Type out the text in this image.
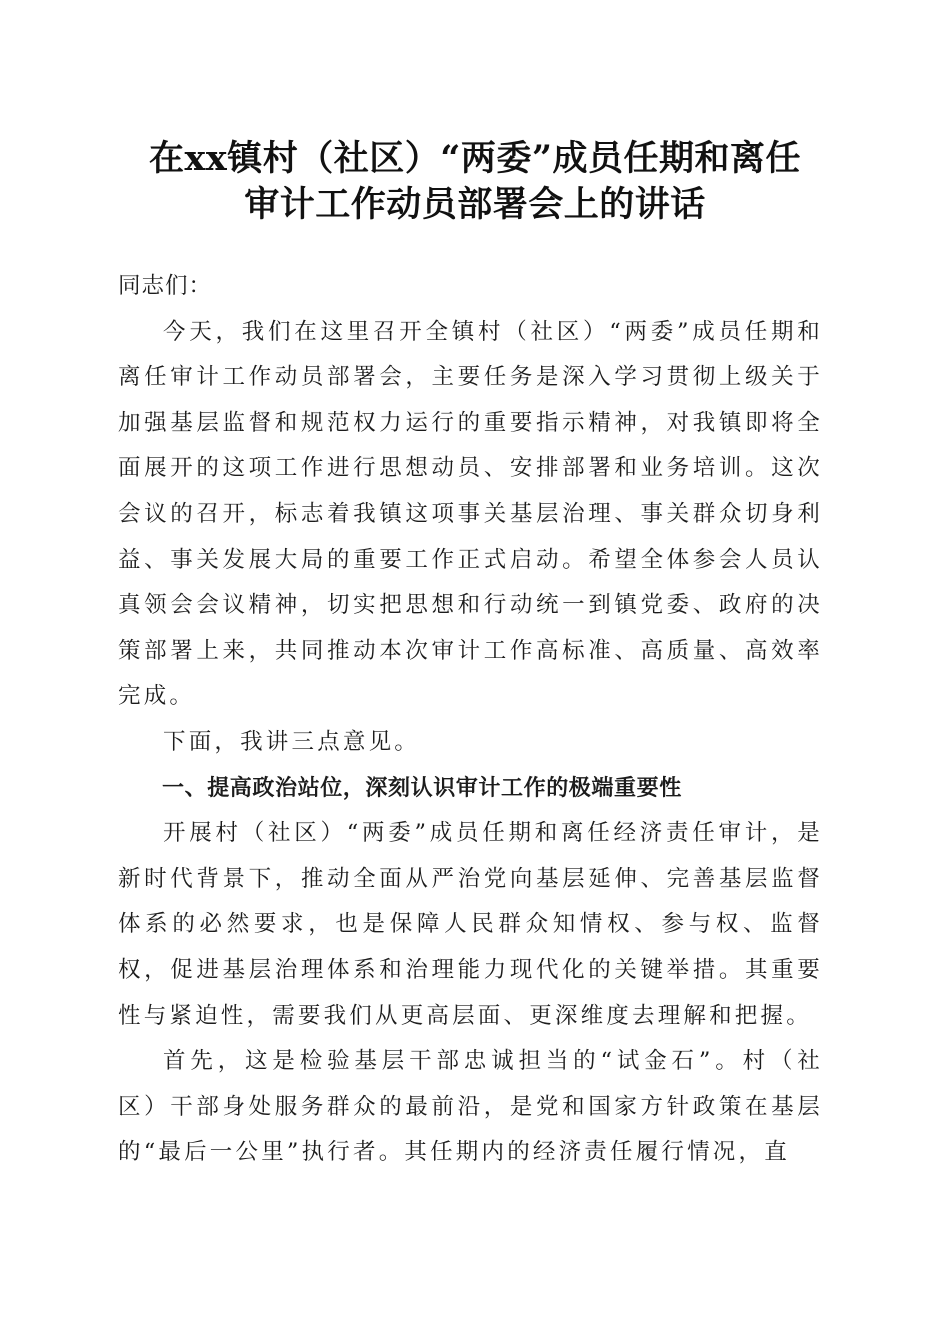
在xx镇村（社区）“两委”成员任期和离任
审计工作动员部署会上的讲话

同志们：

今天，我们在这里召开全镇村（社区）“两委”成员任期和离任审计工作动员部署会，主要任务是深入学习贯彻上级关于加强基层监督和规范权力运行的重要指示精神，对我镇即将全面展开的这项工作进行思想动员、安排部署和业务培训。这次会议的召开，标志着我镇这项事关基层治理、事关群众切身利益、事关发展大局的重要工作正式启动。希望全体参会人员认真领会会议精神，切实把思想和行动统一到镇党委、政府的决策部署上来，共同推动本次审计工作高标准、高质量、高效率完成。

下面，我讲三点意见。

一、提高政治站位，深刻认识审计工作的极端重要性

开展村（社区）“两委”成员任期和离任经济责任审计，是新时代背景下，推动全面从严治党向基层延伸、完善基层监督体系的必然要求，也是保障人民群众知情权、参与权、监督权，促进基层治理体系和治理能力现代化的关键举措。其重要性与紧迫性，需要我们从更高层面、更深维度去理解和把握。

首先，这是检验基层干部忠诚担当的“试金石”。村（社区）干部身处服务群众的最前沿，是党和国家方针政策在基层的“最后一公里”执行者。其任期内的经济责任履行情况，直
